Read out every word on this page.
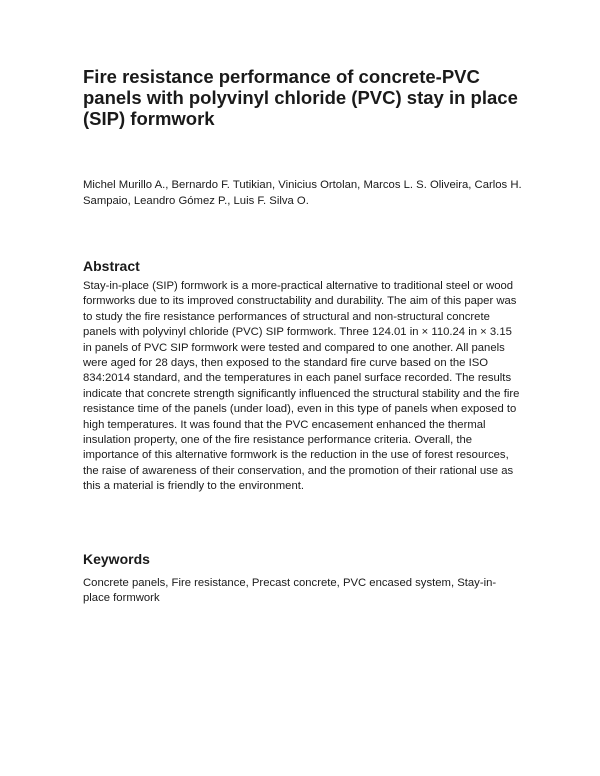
Fire resistance performance of concrete-PVC panels with polyvinyl chloride (PVC) stay in place (SIP) formwork

Michel Murillo A., Bernardo F. Tutikian, Vinicius Ortolan, Marcos L. S. Oliveira, Carlos H. Sampaio, Leandro Gómez P., Luis F. Silva O.

Abstract

Stay-in-place (SIP) formwork is a more-practical alternative to traditional steel or wood formworks due to its improved constructability and durability. The aim of this paper was to study the fire resistance performances of structural and non-structural concrete panels with polyvinyl chloride (PVC) SIP formwork. Three 124.01 in × 110.24 in × 3.15 in panels of PVC SIP formwork were tested and compared to one another. All panels were aged for 28 days, then exposed to the standard fire curve based on the ISO 834:2014 standard, and the temperatures in each panel surface recorded. The results indicate that concrete strength significantly influenced the structural stability and the fire resistance time of the panels (under load), even in this type of panels when exposed to high temperatures. It was found that the PVC encasement enhanced the thermal insulation property, one of the fire resistance performance criteria. Overall, the importance of this alternative formwork is the reduction in the use of forest resources, the raise of awareness of their conservation, and the promotion of their rational use as this a material is friendly to the environment.

Keywords

Concrete panels, Fire resistance, Precast concrete, PVC encased system, Stay-in-place formwork
